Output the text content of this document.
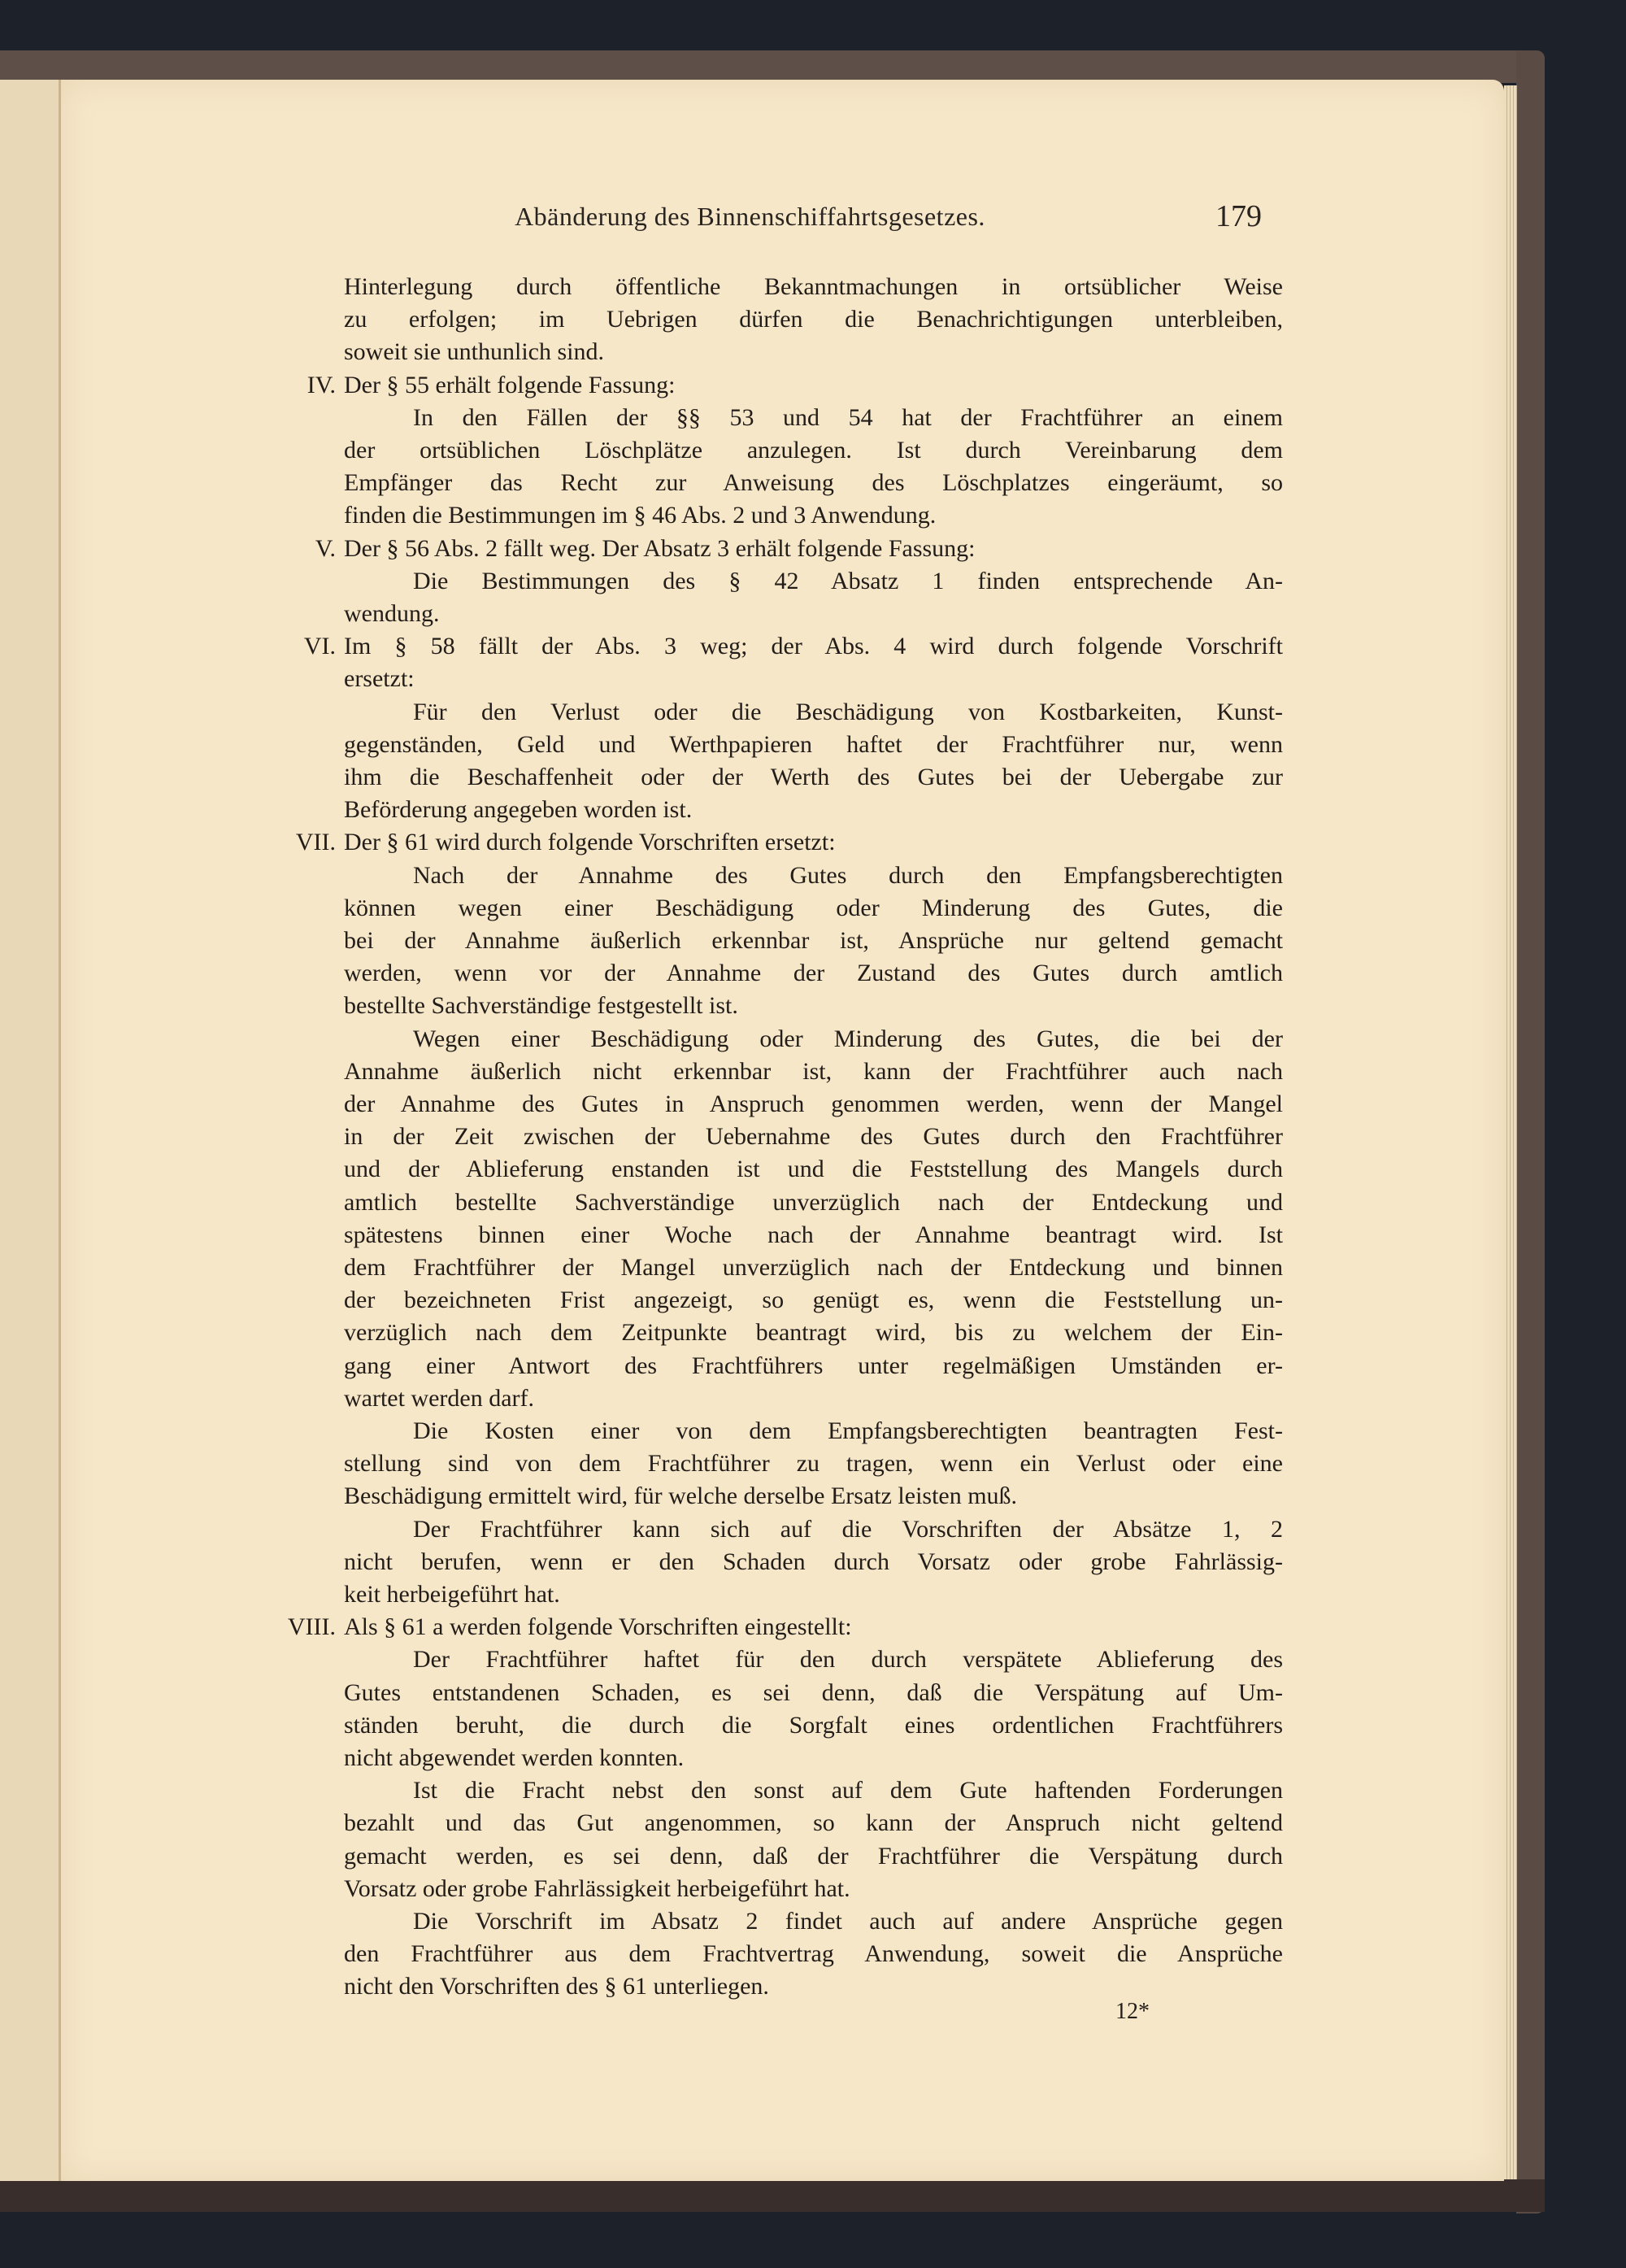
Abänderung des Binnenschiffahrtsgesetzes.	179
Hinterlegung durch öffentliche Bekanntmachungen in ortsüblicher Weise
zu erfolgen; im Uebrigen dürfen die Benachrichtigungen unterbleiben,
soweit sie unthunlich sind.
IV. Der § 55 erhält folgende Fassung:
In den Fällen der §§ 53 und 54 hat der Frachtführer an einem
der ortsüblichen Löschplätze anzulegen. Ist durch Vereinbarung dem
Empfänger das Recht zur Anweisung des Löschplatzes eingeräumt, so
finden die Bestimmungen im § 46 Abs. 2 und 3 Anwendung.
V. Der § 56 Abs. 2 fällt weg. Der Absatz 3 erhält folgende Fassung:
Die Bestimmungen des § 42 Absatz 1 finden entsprechende An-
wendung.
VI. Im § 58 fällt der Abs. 3 weg; der Abs. 4 wird durch folgende Vorschrift
ersetzt:
Für den Verlust oder die Beschädigung von Kostbarkeiten, Kunst-
gegenständen, Geld und Werthpapieren haftet der Frachtführer nur, wenn
ihm die Beschaffenheit oder der Werth des Gutes bei der Uebergabe zur
Beförderung angegeben worden ist.
VII. Der § 61 wird durch folgende Vorschriften ersetzt:
Nach der Annahme des Gutes durch den Empfangsberechtigten
können wegen einer Beschädigung oder Minderung des Gutes, die
bei der Annahme äußerlich erkennbar ist, Ansprüche nur geltend gemacht
werden, wenn vor der Annahme der Zustand des Gutes durch amtlich
bestellte Sachverständige festgestellt ist.
Wegen einer Beschädigung oder Minderung des Gutes, die bei der
Annahme äußerlich nicht erkennbar ist, kann der Frachtführer auch nach
der Annahme des Gutes in Anspruch genommen werden, wenn der Mangel
in der Zeit zwischen der Uebernahme des Gutes durch den Frachtführer
und der Ablieferung enstanden ist und die Feststellung des Mangels durch
amtlich bestellte Sachverständige unverzüglich nach der Entdeckung und
spätestens binnen einer Woche nach der Annahme beantragt wird. Ist
dem Frachtführer der Mangel unverzüglich nach der Entdeckung und binnen
der bezeichneten Frist angezeigt, so genügt es, wenn die Feststellung un-
verzüglich nach dem Zeitpunkte beantragt wird, bis zu welchem der Ein-
gang einer Antwort des Frachtführers unter regelmäßigen Umständen er-
wartet werden darf.
Die Kosten einer von dem Empfangsberechtigten beantragten Fest-
stellung sind von dem Frachtführer zu tragen, wenn ein Verlust oder eine
Beschädigung ermittelt wird, für welche derselbe Ersatz leisten muß.
Der Frachtführer kann sich auf die Vorschriften der Absätze 1, 2
nicht berufen, wenn er den Schaden durch Vorsatz oder grobe Fahrlässig-
keit herbeigeführt hat.
VIII. Als § 61 a werden folgende Vorschriften eingestellt:
Der Frachtführer haftet für den durch verspätete Ablieferung des
Gutes entstandenen Schaden, es sei denn, daß die Verspätung auf Um-
ständen beruht, die durch die Sorgfalt eines ordentlichen Frachtführers
nicht abgewendet werden konnten.
Ist die Fracht nebst den sonst auf dem Gute haftenden Forderungen
bezahlt und das Gut angenommen, so kann der Anspruch nicht geltend
gemacht werden, es sei denn, daß der Frachtführer die Verspätung durch
Vorsatz oder grobe Fahrlässigkeit herbeigeführt hat.
Die Vorschrift im Absatz 2 findet auch auf andere Ansprüche gegen
den Frachtführer aus dem Frachtvertrag Anwendung, soweit die Ansprüche
nicht den Vorschriften des § 61 unterliegen.
12*
